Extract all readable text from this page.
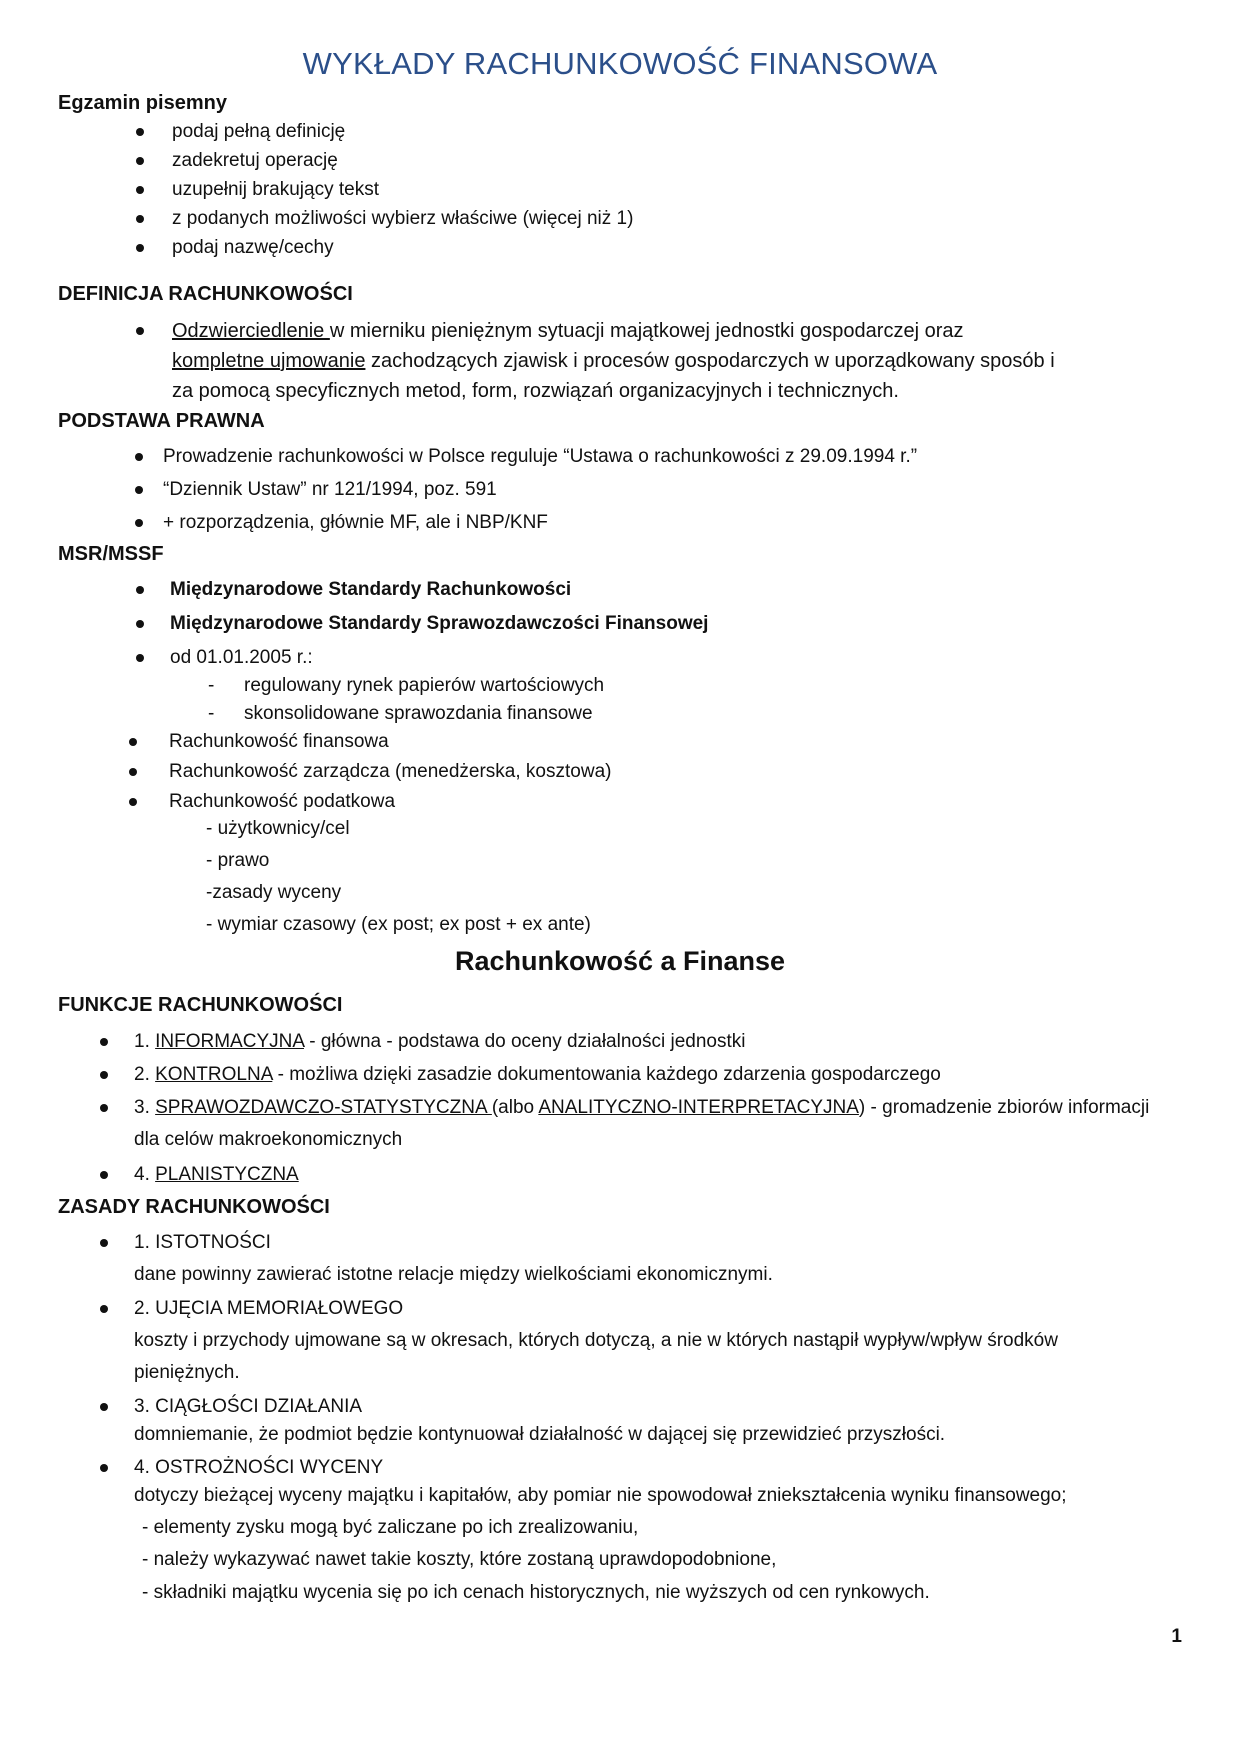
WYKŁADY RACHUNKOWOŚĆ FINANSOWA
Egzamin pisemny
podaj pełną definicję
zadekretuj operację
uzupełnij brakujący tekst
z podanych możliwości wybierz właściwe (więcej niż 1)
podaj nazwę/cechy
DEFINICJA RACHUNKOWOŚCI
Odzwierciedlenie w mierniku pieniężnym sytuacji majątkowej jednostki gospodarczej oraz
kompletne ujmowanie zachodzących zjawisk i procesów gospodarczych w uporządkowany sposób i
za pomocą specyficznych metod, form, rozwiązań organizacyjnych i technicznych.
PODSTAWA PRAWNA
Prowadzenie rachunkowości w Polsce reguluje “Ustawa o rachunkowości z 29.09.1994 r.”
“Dziennik Ustaw” nr 121/1994, poz. 591
+ rozporządzenia, głównie MF, ale i NBP/KNF
MSR/MSSF
Międzynarodowe Standardy Rachunkowości
Międzynarodowe Standardy Sprawozdawczości Finansowej
od 01.01.2005 r.:
- regulowany rynek papierów wartościowych
- skonsolidowane sprawozdania finansowe
Rachunkowość finansowa
Rachunkowość zarządcza (menedżerska, kosztowa)
Rachunkowość podatkowa
- użytkownicy/cel
- prawo
-zasady wyceny
- wymiar czasowy (ex post; ex post + ex ante)
Rachunkowość a Finanse
FUNKCJE RACHUNKOWOŚCI
1. INFORMACYJNA - główna - podstawa do oceny działalności jednostki
2. KONTROLNA - możliwa dzięki zasadzie dokumentowania każdego zdarzenia gospodarczego
3. SPRAWOZDAWCZO-STATYSTYCZNA (albo ANALITYCZNO-INTERPRETACYJNA) - gromadzenie zbiorów informacji
dla celów makroekonomicznych
4. PLANISTYCZNA
ZASADY RACHUNKOWOŚCI
1. ISTOTNOŚCI
dane powinny zawierać istotne relacje między wielkościami ekonomicznymi.
2. UJĘCIA MEMORIAŁOWEGO
koszty i przychody ujmowane są w okresach, których dotyczą, a nie w których nastąpił wypływ/wpływ środków
pieniężnych.
3. CIĄGŁOŚCI DZIAŁANIA
domniemanie, że podmiot będzie kontynuował działalność w dającej się przewidzieć przyszłości.
4. OSTROŻNOŚCI WYCENY
dotyczy bieżącej wyceny majątku i kapitałów, aby pomiar nie spowodował zniekształcenia wyniku finansowego;
- elementy zysku mogą być zaliczane po ich zrealizowaniu,
- należy wykazywać nawet takie koszty, które zostaną uprawdopodobnione,
- składniki majątku wycenia się po ich cenach historycznych, nie wyższych od cen rynkowych.
1
